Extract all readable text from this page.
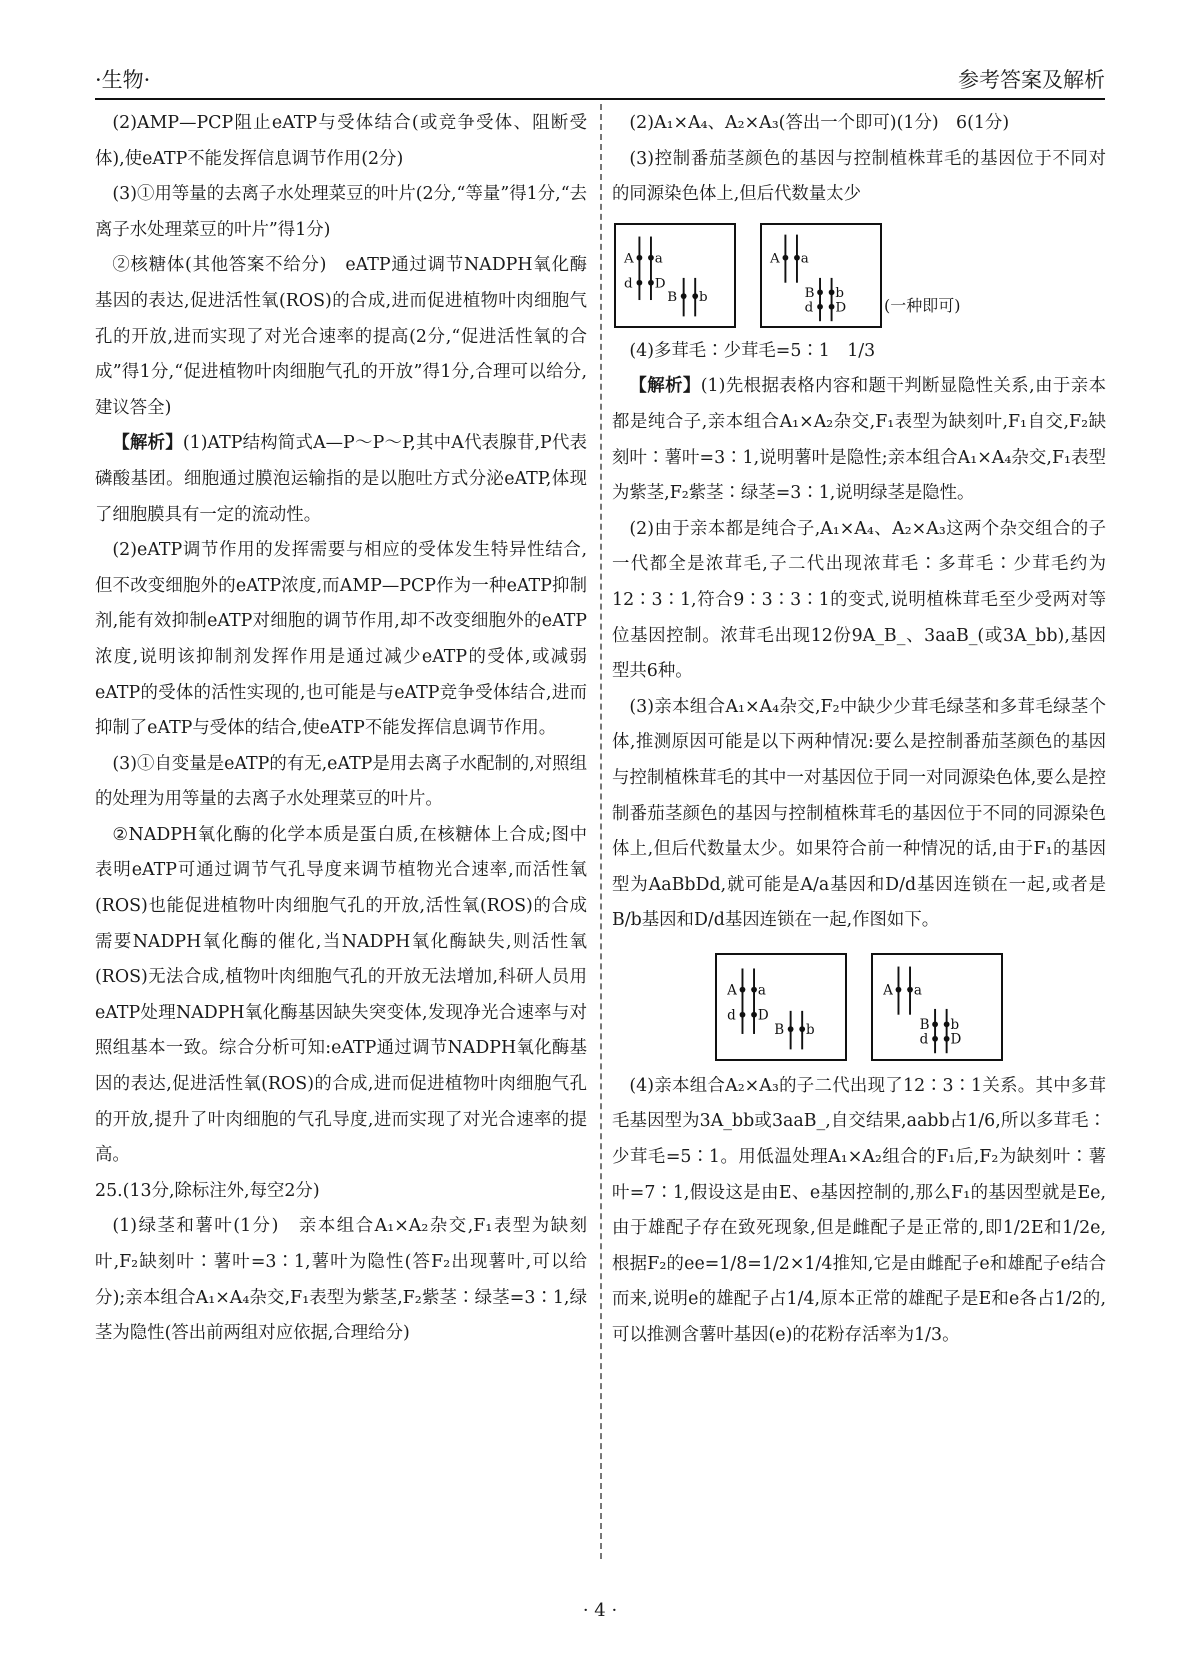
·生物·	参考答案及解析

(2)AMP—PCP阻止eATP与受体结合(或竞争受体、阻断受体),使eATP不能发挥信息调节作用(2分)

(3)①用等量的去离子水处理菜豆的叶片(2分,“等量”得1分,“去离子水处理菜豆的叶片”得1分)

②核糖体(其他答案不给分)　eATP通过调节NADPH氧化酶基因的表达,促进活性氧(ROS)的合成,进而促进植物叶肉细胞气孔的开放,进而实现了对光合速率的提高(2分,“促进活性氧的合成”得1分,“促进植物叶肉细胞气孔的开放”得1分,合理可以给分,建议答全)

【解析】(1)ATP结构简式A—P～P～P,其中A代表腺苷,P代表磷酸基团。细胞通过膜泡运输指的是以胞吐方式分泌eATP,体现了细胞膜具有一定的流动性。

(2)eATP调节作用的发挥需要与相应的受体发生特异性结合,但不改变细胞外的eATP浓度,而AMP—PCP作为一种eATP抑制剂,能有效抑制eATP对细胞的调节作用,却不改变细胞外的eATP浓度,说明该抑制剂发挥作用是通过减少eATP的受体,或减弱eATP的受体的活性实现的,也可能是与eATP竞争受体结合,进而抑制了eATP与受体的结合,使eATP不能发挥信息调节作用。

(3)①自变量是eATP的有无,eATP是用去离子水配制的,对照组的处理为用等量的去离子水处理菜豆的叶片。

②NADPH氧化酶的化学本质是蛋白质,在核糖体上合成;图中表明eATP可通过调节气孔导度来调节植物光合速率,而活性氧(ROS)也能促进植物叶肉细胞气孔的开放,活性氧(ROS)的合成需要NADPH氧化酶的催化,当NADPH氧化酶缺失,则活性氧(ROS)无法合成,植物叶肉细胞气孔的开放无法增加,科研人员用eATP处理NADPH氧化酶基因缺失突变体,发现净光合速率与对照组基本一致。综合分析可知:eATP通过调节NADPH氧化酶基因的表达,促进活性氧(ROS)的合成,进而促进植物叶肉细胞气孔的开放,提升了叶肉细胞的气孔导度,进而实现了对光合速率的提高。

25.(13分,除标注外,每空2分)

(1)绿茎和薯叶(1分)　亲本组合A₁×A₂杂交,F₁表型为缺刻叶,F₂缺刻叶∶薯叶=3∶1,薯叶为隐性(答F₂出现薯叶,可以给分);亲本组合A₁×A₄杂交,F₁表型为紫茎,F₂紫茎∶绿茎=3∶1,绿茎为隐性(答出前两组对应依据,合理给分)

(2)A₁×A₄、A₂×A₃(答出一个即可)(1分)　6(1分)

(3)控制番茄茎颜色的基因与控制植株茸毛的基因位于不同对的同源染色体上,但后代数量太少

A a
d D
B b
A a
B b
d D (一种即可)

(4)多茸毛∶少茸毛=5∶1　1/3

【解析】(1)先根据表格内容和题干判断显隐性关系,由于亲本都是纯合子,亲本组合A₁×A₂杂交,F₁表型为缺刻叶,F₁自交,F₂缺刻叶∶薯叶=3∶1,说明薯叶是隐性;亲本组合A₁×A₄杂交,F₁表型为紫茎,F₂紫茎∶绿茎=3∶1,说明绿茎是隐性。

(2)由于亲本都是纯合子,A₁×A₄、A₂×A₃这两个杂交组合的子一代都全是浓茸毛,子二代出现浓茸毛∶多茸毛∶少茸毛约为12∶3∶1,符合9∶3∶3∶1的变式,说明植株茸毛至少受两对等位基因控制。浓茸毛出现12份9A_B_、3aaB_(或3A_bb),基因型共6种。

(3)亲本组合A₁×A₄杂交,F₂中缺少少茸毛绿茎和多茸毛绿茎个体,推测原因可能是以下两种情况:要么是控制番茄茎颜色的基因与控制植株茸毛的其中一对基因位于同一对同源染色体,要么是控制番茄茎颜色的基因与控制植株茸毛的基因位于不同的同源染色体上,但后代数量太少。如果符合前一种情况的话,由于F₁的基因型为AaBbDd,就可能是A/a基因和D/d基因连锁在一起,或者是B/b基因和D/d基因连锁在一起,作图如下。

A a
d D
B b
A a
B b
d D

(4)亲本组合A₂×A₃的子二代出现了12∶3∶1关系。其中多茸毛基因型为3A_bb或3aaB_,自交结果,aabb占1/6,所以多茸毛∶少茸毛=5∶1。用低温处理A₁×A₂组合的F₁后,F₂为缺刻叶∶薯叶=7∶1,假设这是由E、e基因控制的,那么F₁的基因型就是Ee,由于雄配子存在致死现象,但是雌配子是正常的,即1/2E和1/2e,根据F₂的ee=1/8=1/2×1/4推知,它是由雌配子e和雄配子e结合而来,说明e的雄配子占1/4,原本正常的雄配子是E和e各占1/2的,可以推测含薯叶基因(e)的花粉存活率为1/3。

· 4 ·
